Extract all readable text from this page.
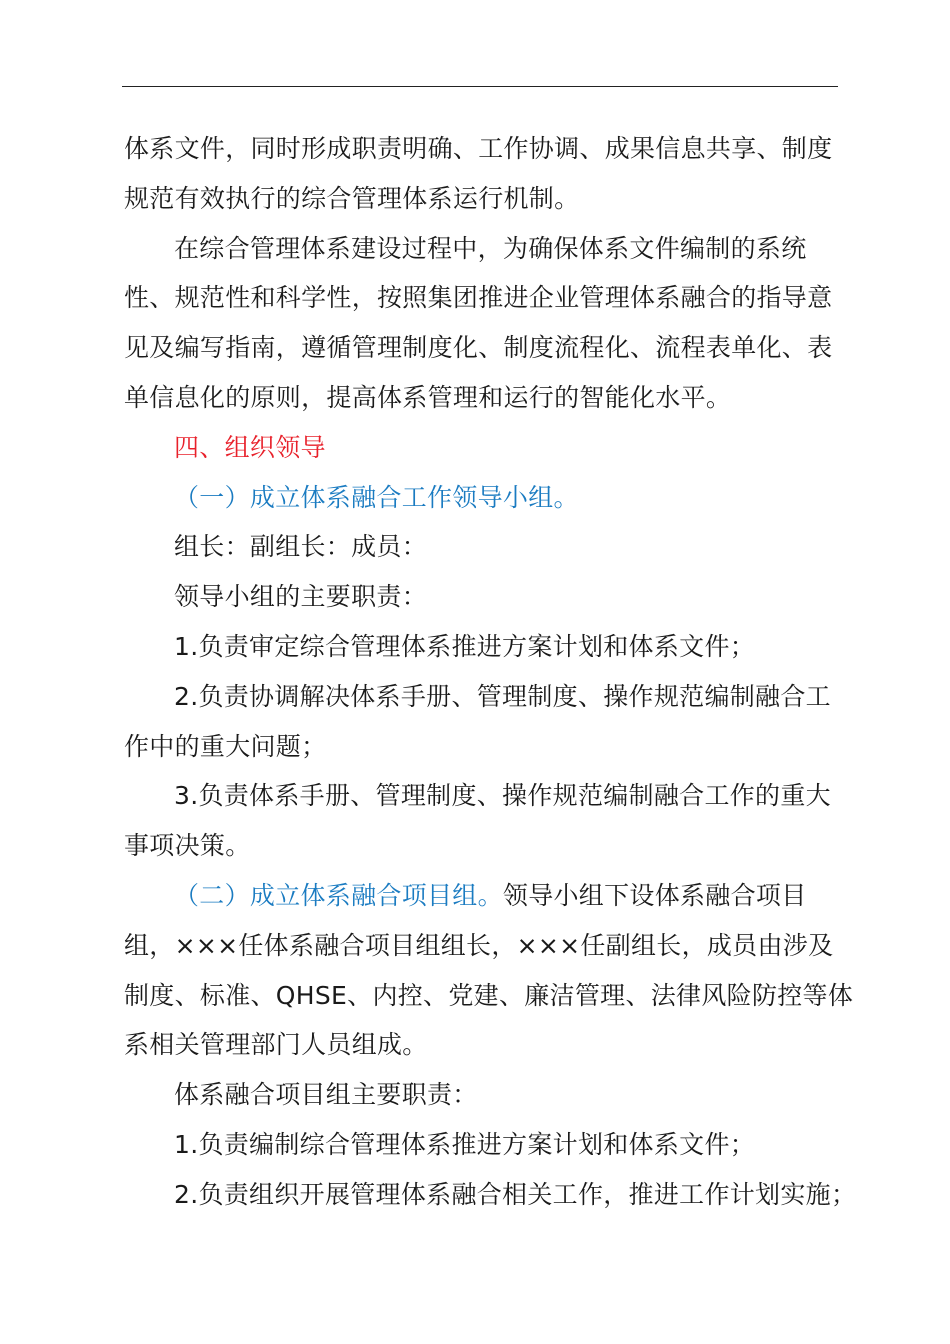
体系文件，同时形成职责明确、工作协调、成果信息共享、制度规范有效执行的综合管理体系运行机制。

在综合管理体系建设过程中，为确保体系文件编制的系统性、规范性和科学性，按照集团推进企业管理体系融合的指导意见及编写指南，遵循管理制度化、制度流程化、流程表单化、表单信息化的原则，提高体系管理和运行的智能化水平。

四、组织领导

（一）成立体系融合工作领导小组。

组长：副组长：成员：

领导小组的主要职责：

1.负责审定综合管理体系推进方案计划和体系文件；

2.负责协调解决体系手册、管理制度、操作规范编制融合工作中的重大问题；

3.负责体系手册、管理制度、操作规范编制融合工作的重大事项决策。

（二）成立体系融合项目组。领导小组下设体系融合项目组，×××任体系融合项目组组长，×××任副组长，成员由涉及制度、标准、QHSE、内控、党建、廉洁管理、法律风险防控等体系相关管理部门人员组成。

体系融合项目组主要职责：

1.负责编制综合管理体系推进方案计划和体系文件；

2.负责组织开展管理体系融合相关工作，推进工作计划实施；
